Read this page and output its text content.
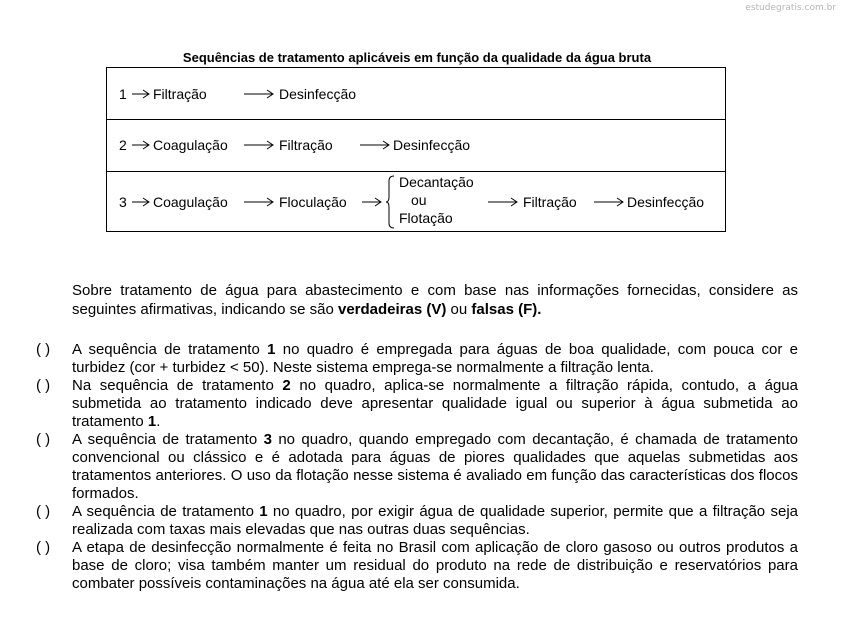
estudegratis.com.br
Sequências de tratamento aplicáveis em função da qualidade da água bruta
1 Filtração	Desinfecção
2 Coagulação	Filtração	Desinfecção
3 Coagulação	Floculação
Decantação
ou
Flotação
Filtração	Desinfecção
Sobre tratamento de água para abastecimento e com base nas informações fornecidas, considere as seguintes afirmativas, indicando se são verdadeiras (V) ou falsas (F).
( )	A sequência de tratamento 1 no quadro é empregada para águas de boa qualidade, com pouca cor e turbidez (cor + turbidez < 50). Neste sistema emprega-se normalmente a filtração lenta.
( )	Na sequência de tratamento 2 no quadro, aplica-se normalmente a filtração rápida, contudo, a água submetida ao tratamento indicado deve apresentar qualidade igual ou superior à água submetida ao tratamento 1.
( )	A sequência de tratamento 3 no quadro, quando empregado com decantação, é chamada de tratamento convencional ou clássico e é adotada para águas de piores qualidades que aquelas submetidas aos tratamentos anteriores. O uso da flotação nesse sistema é avaliado em função das características dos flocos formados.
( )	A sequência de tratamento 1 no quadro, por exigir água de qualidade superior, permite que a filtração seja realizada com taxas mais elevadas que nas outras duas sequências.
( )	A etapa de desinfecção normalmente é feita no Brasil com aplicação de cloro gasoso ou outros produtos a base de cloro; visa também manter um residual do produto na rede de distribuição e reservatórios para combater possíveis contaminações na água até ela ser consumida.
